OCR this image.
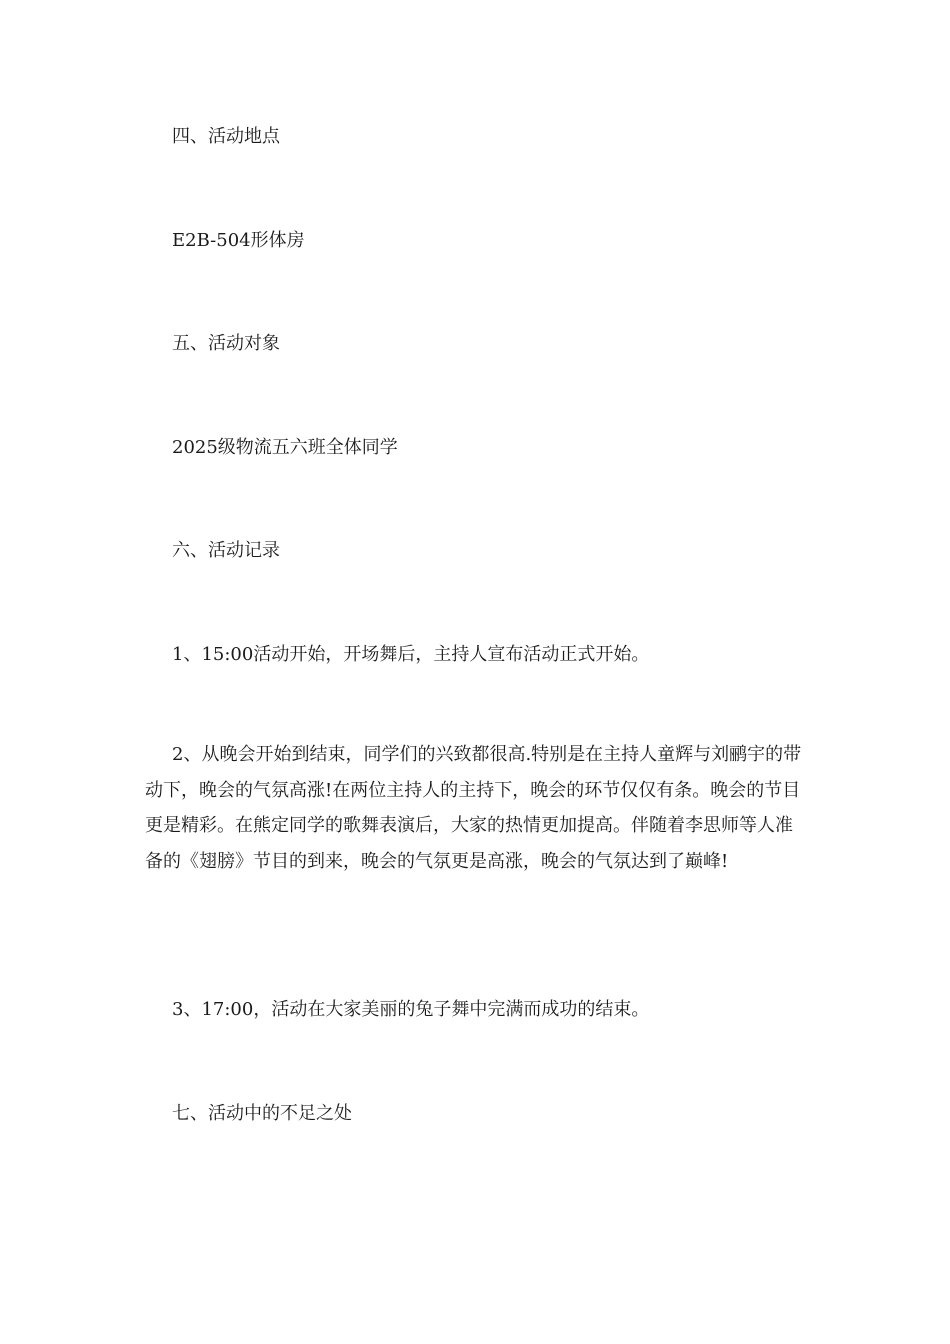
四、活动地点
E2B-504形体房
五、活动对象
2025级物流五六班全体同学
六、活动记录
1、15:00活动开始，开场舞后，主持人宣布活动正式开始。
2、从晚会开始到结束，同学们的兴致都很高.特别是在主持人童辉与刘鹂宇的带动下，晚会的气氛高涨!在两位主持人的主持下，晚会的环节仅仅有条。晚会的节目更是精彩。在熊定同学的歌舞表演后，大家的热情更加提高。伴随着李思师等人准备的《翅膀》节目的到来，晚会的气氛更是高涨，晚会的气氛达到了巅峰!
3、17:00，活动在大家美丽的兔子舞中完满而成功的结束。
七、活动中的不足之处
